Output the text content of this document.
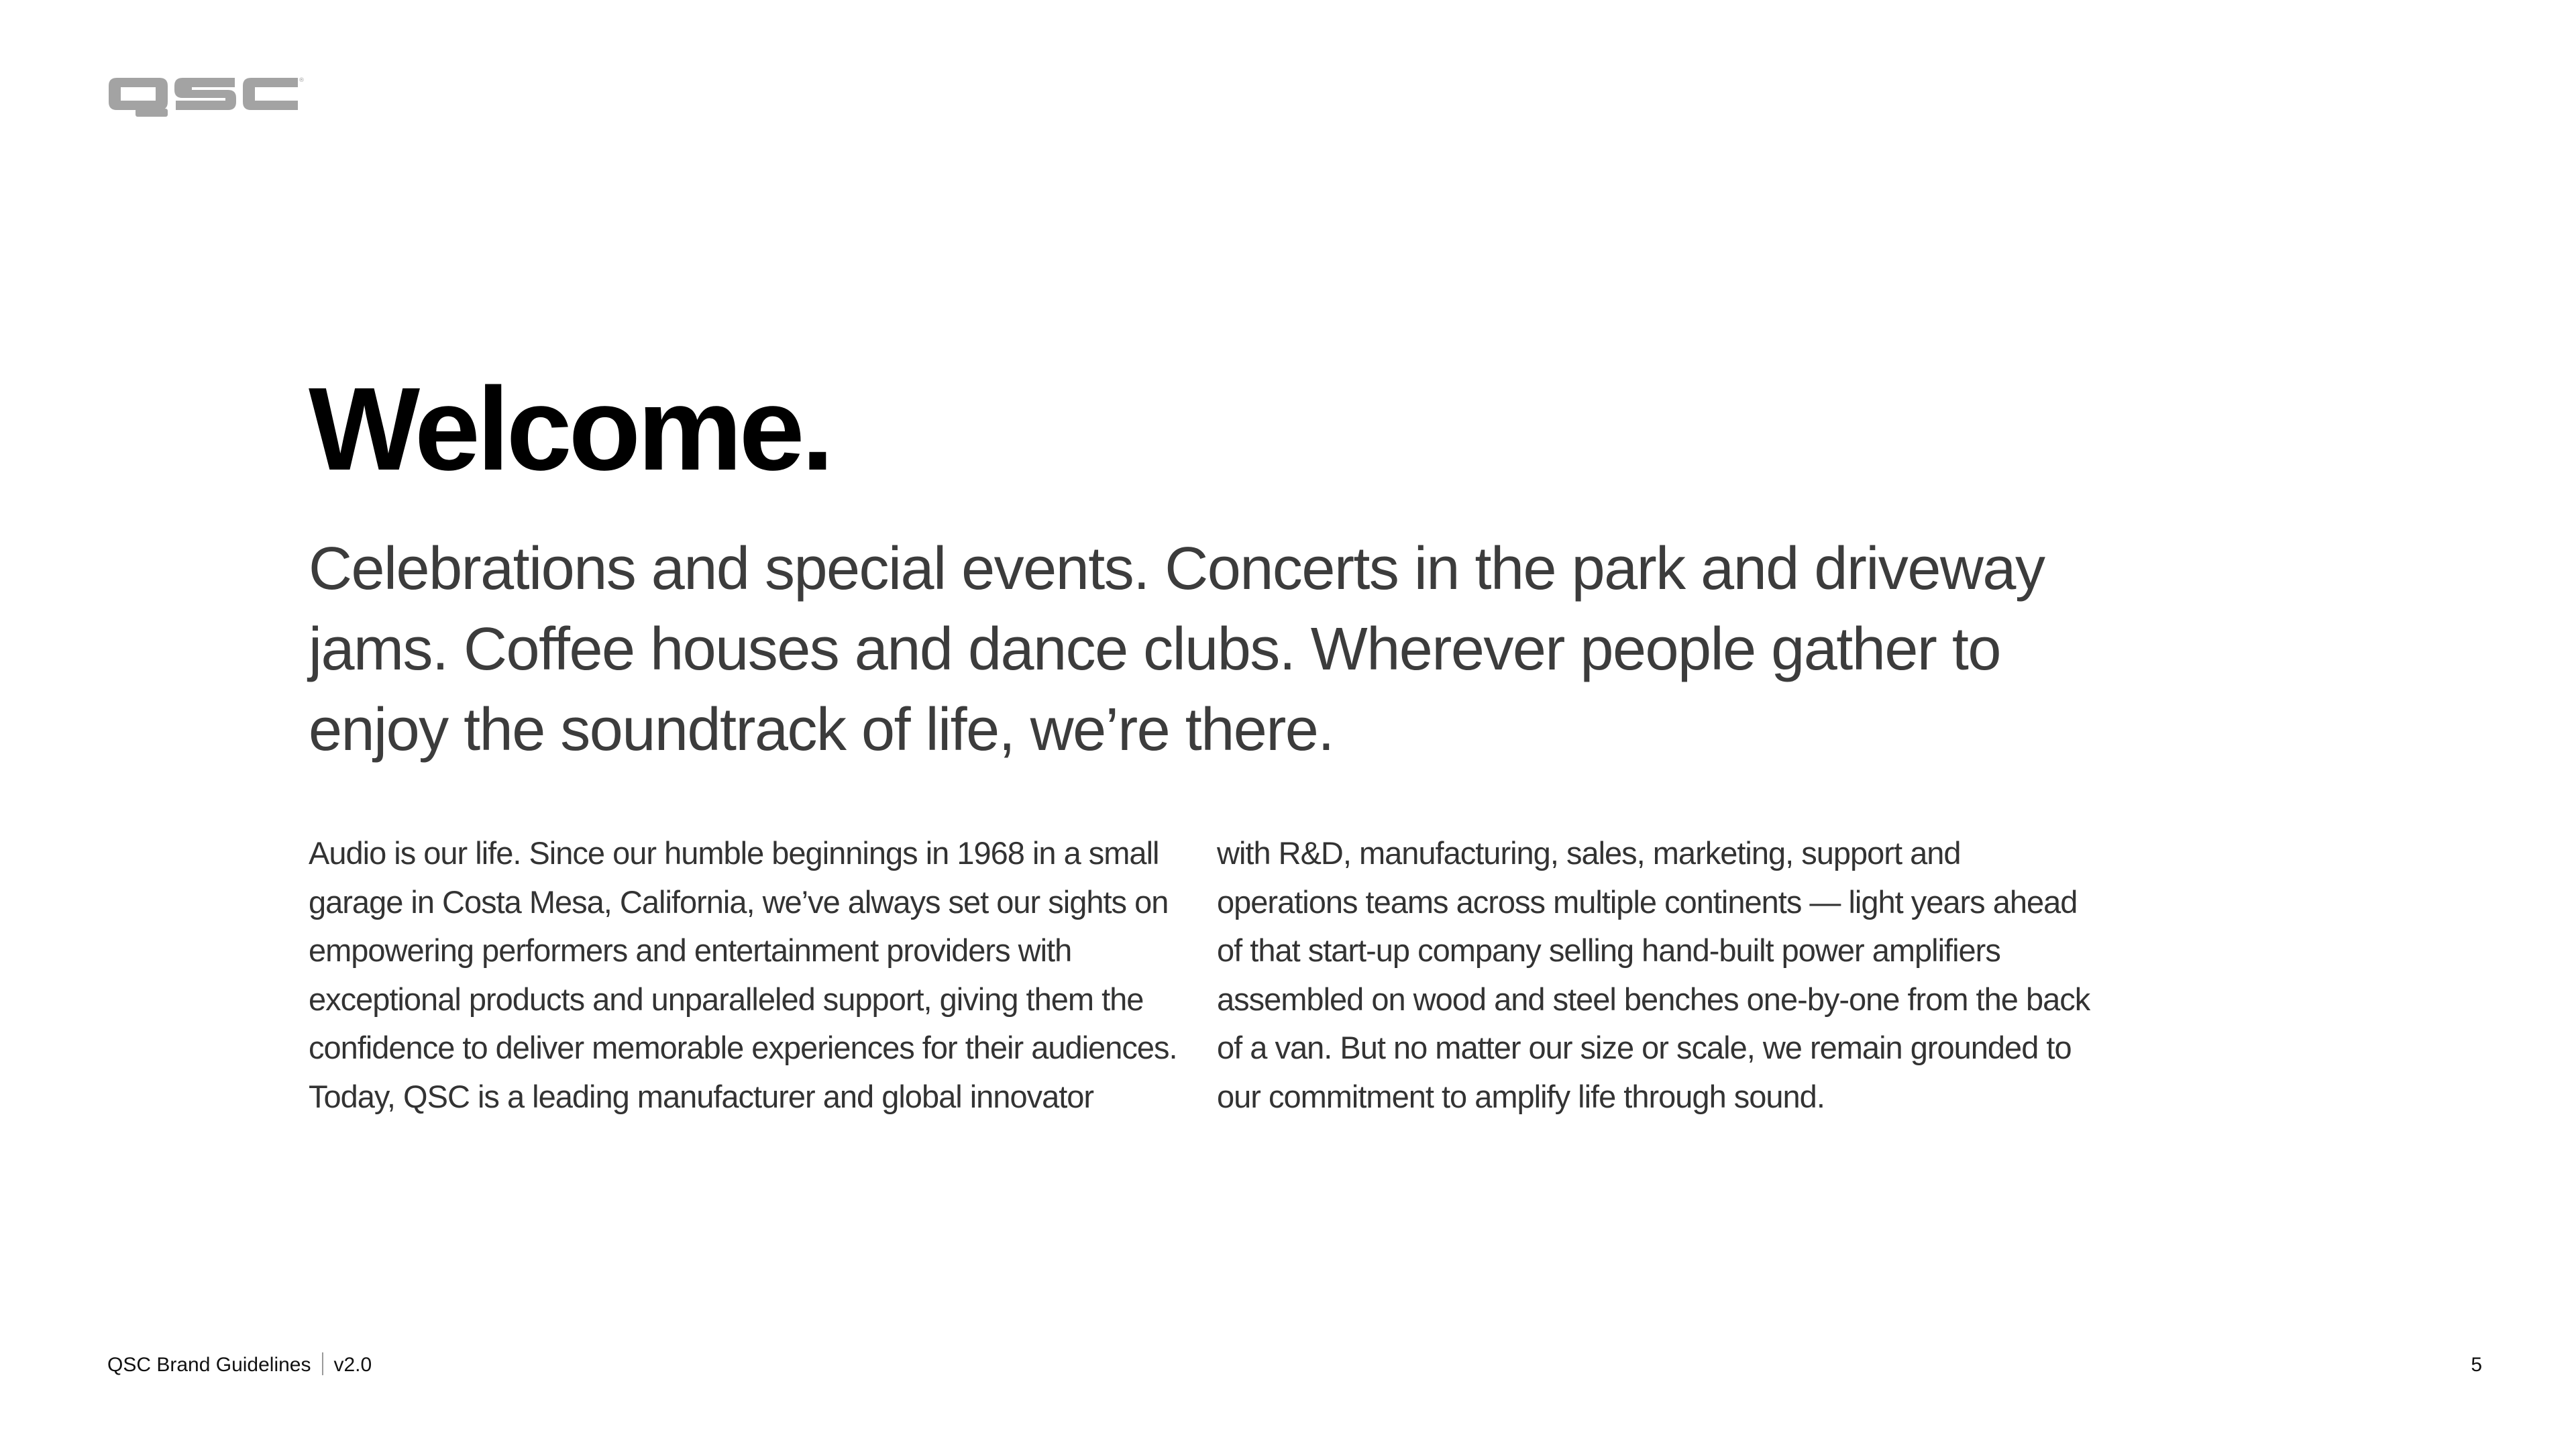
®
Welcome.

Celebrations and special events. Concerts in the park and driveway jams. Coffee houses and dance clubs. Wherever people gather to enjoy the soundtrack of life, we’re there.

Audio is our life. Since our humble beginnings in 1968 in a small garage in Costa Mesa, California, we’ve always set our sights on empowering performers and entertainment providers with exceptional products and unparalleled support, giving them the confidence to deliver memorable experiences for their audiences. Today, QSC is a leading manufacturer and global innovator

with R&D, manufacturing, sales, marketing, support and operations teams across multiple continents — light years ahead of that start-up company selling hand-built power amplifiers assembled on wood and steel benches one-by-one from the back of a van. But no matter our size or scale, we remain grounded to our commitment to amplify life through sound.

QSC Brand Guidelines v2.0	5
